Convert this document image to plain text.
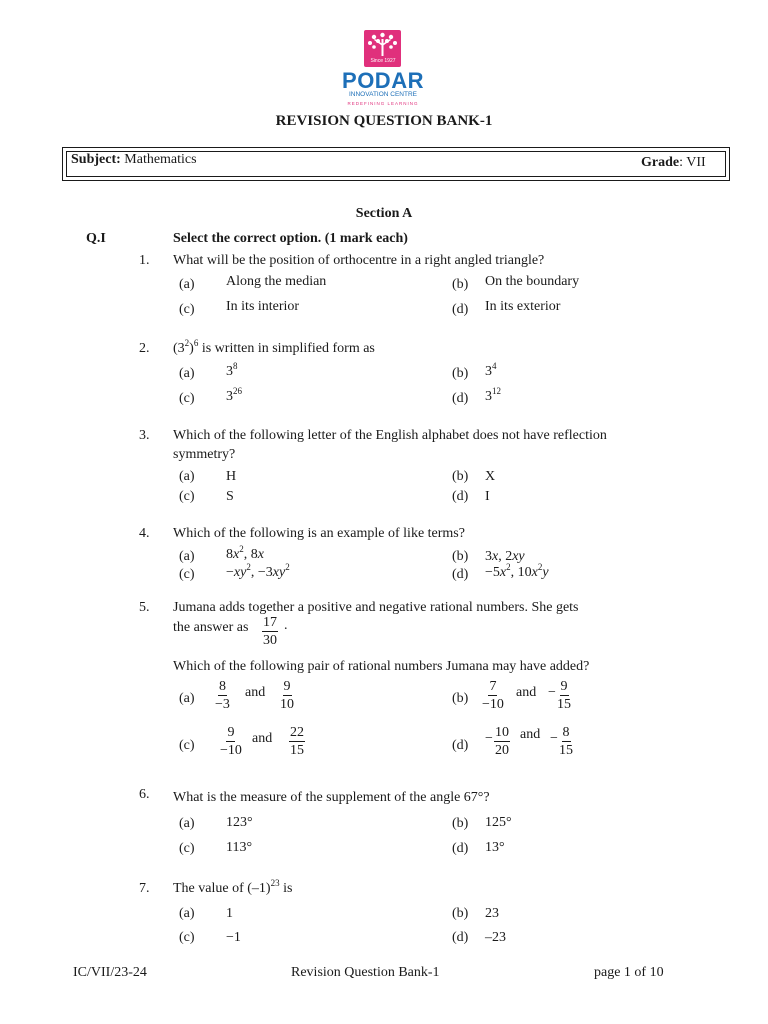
Since 1927
PODAR
INNOVATION CENTRE
REDEFINING LEARNING
REVISION QUESTION BANK-1
Subject: Mathematics	Grade: VII
Section A
Q.I	Select the correct option. (1 mark each)
1. What will be the position of orthocentre in a right angled triangle?
(a) Along the median	(b) On the boundary
(c) In its interior	(d) In its exterior
2. $(3^2)^6$ is written in simplified form as
(a) $3^8$	(b) $3^4$
(c) $3^{26}$	(d) $3^{12}$
3. Which of the following letter of the English alphabet does not have reflection
symmetry?
(a) H	(b) X
(c) S	(d) I
4. Which of the following is an example of like terms?
(a) $8x^2$, 8x	(b) 3x, 2xy
$(c) -xy^2$, $-3xy^2$	$(d) -5x^2$, $10x^2y$
5. Jumana adds together a positive and negative rational numbers. She gets
the answer as $\frac{17}{30}$ .
Which of the following pair of rational numbers Jumana may have added?
$(a) \frac{8}{-3}$ and $\frac{9}{10}$	$(b) \frac{7}{-10}$ and − $\frac{9}{15}$
$(c) \frac{9}{-10}$ and $\frac{22}{15}$	$(d) - \frac{10}{20}$ and − $\frac{8}{15}$
6. What is the measure of the supplement of the angle 67°?
(a) 123°	(b) 125°
(c) 113°	(d) 13°
7. The value of $(-1)^{23}$ is
(a) 1	(b) 23
(c) −1	(d) –23
IC/VII/23-24	Revision Question Bank-1	page 1 of 10
